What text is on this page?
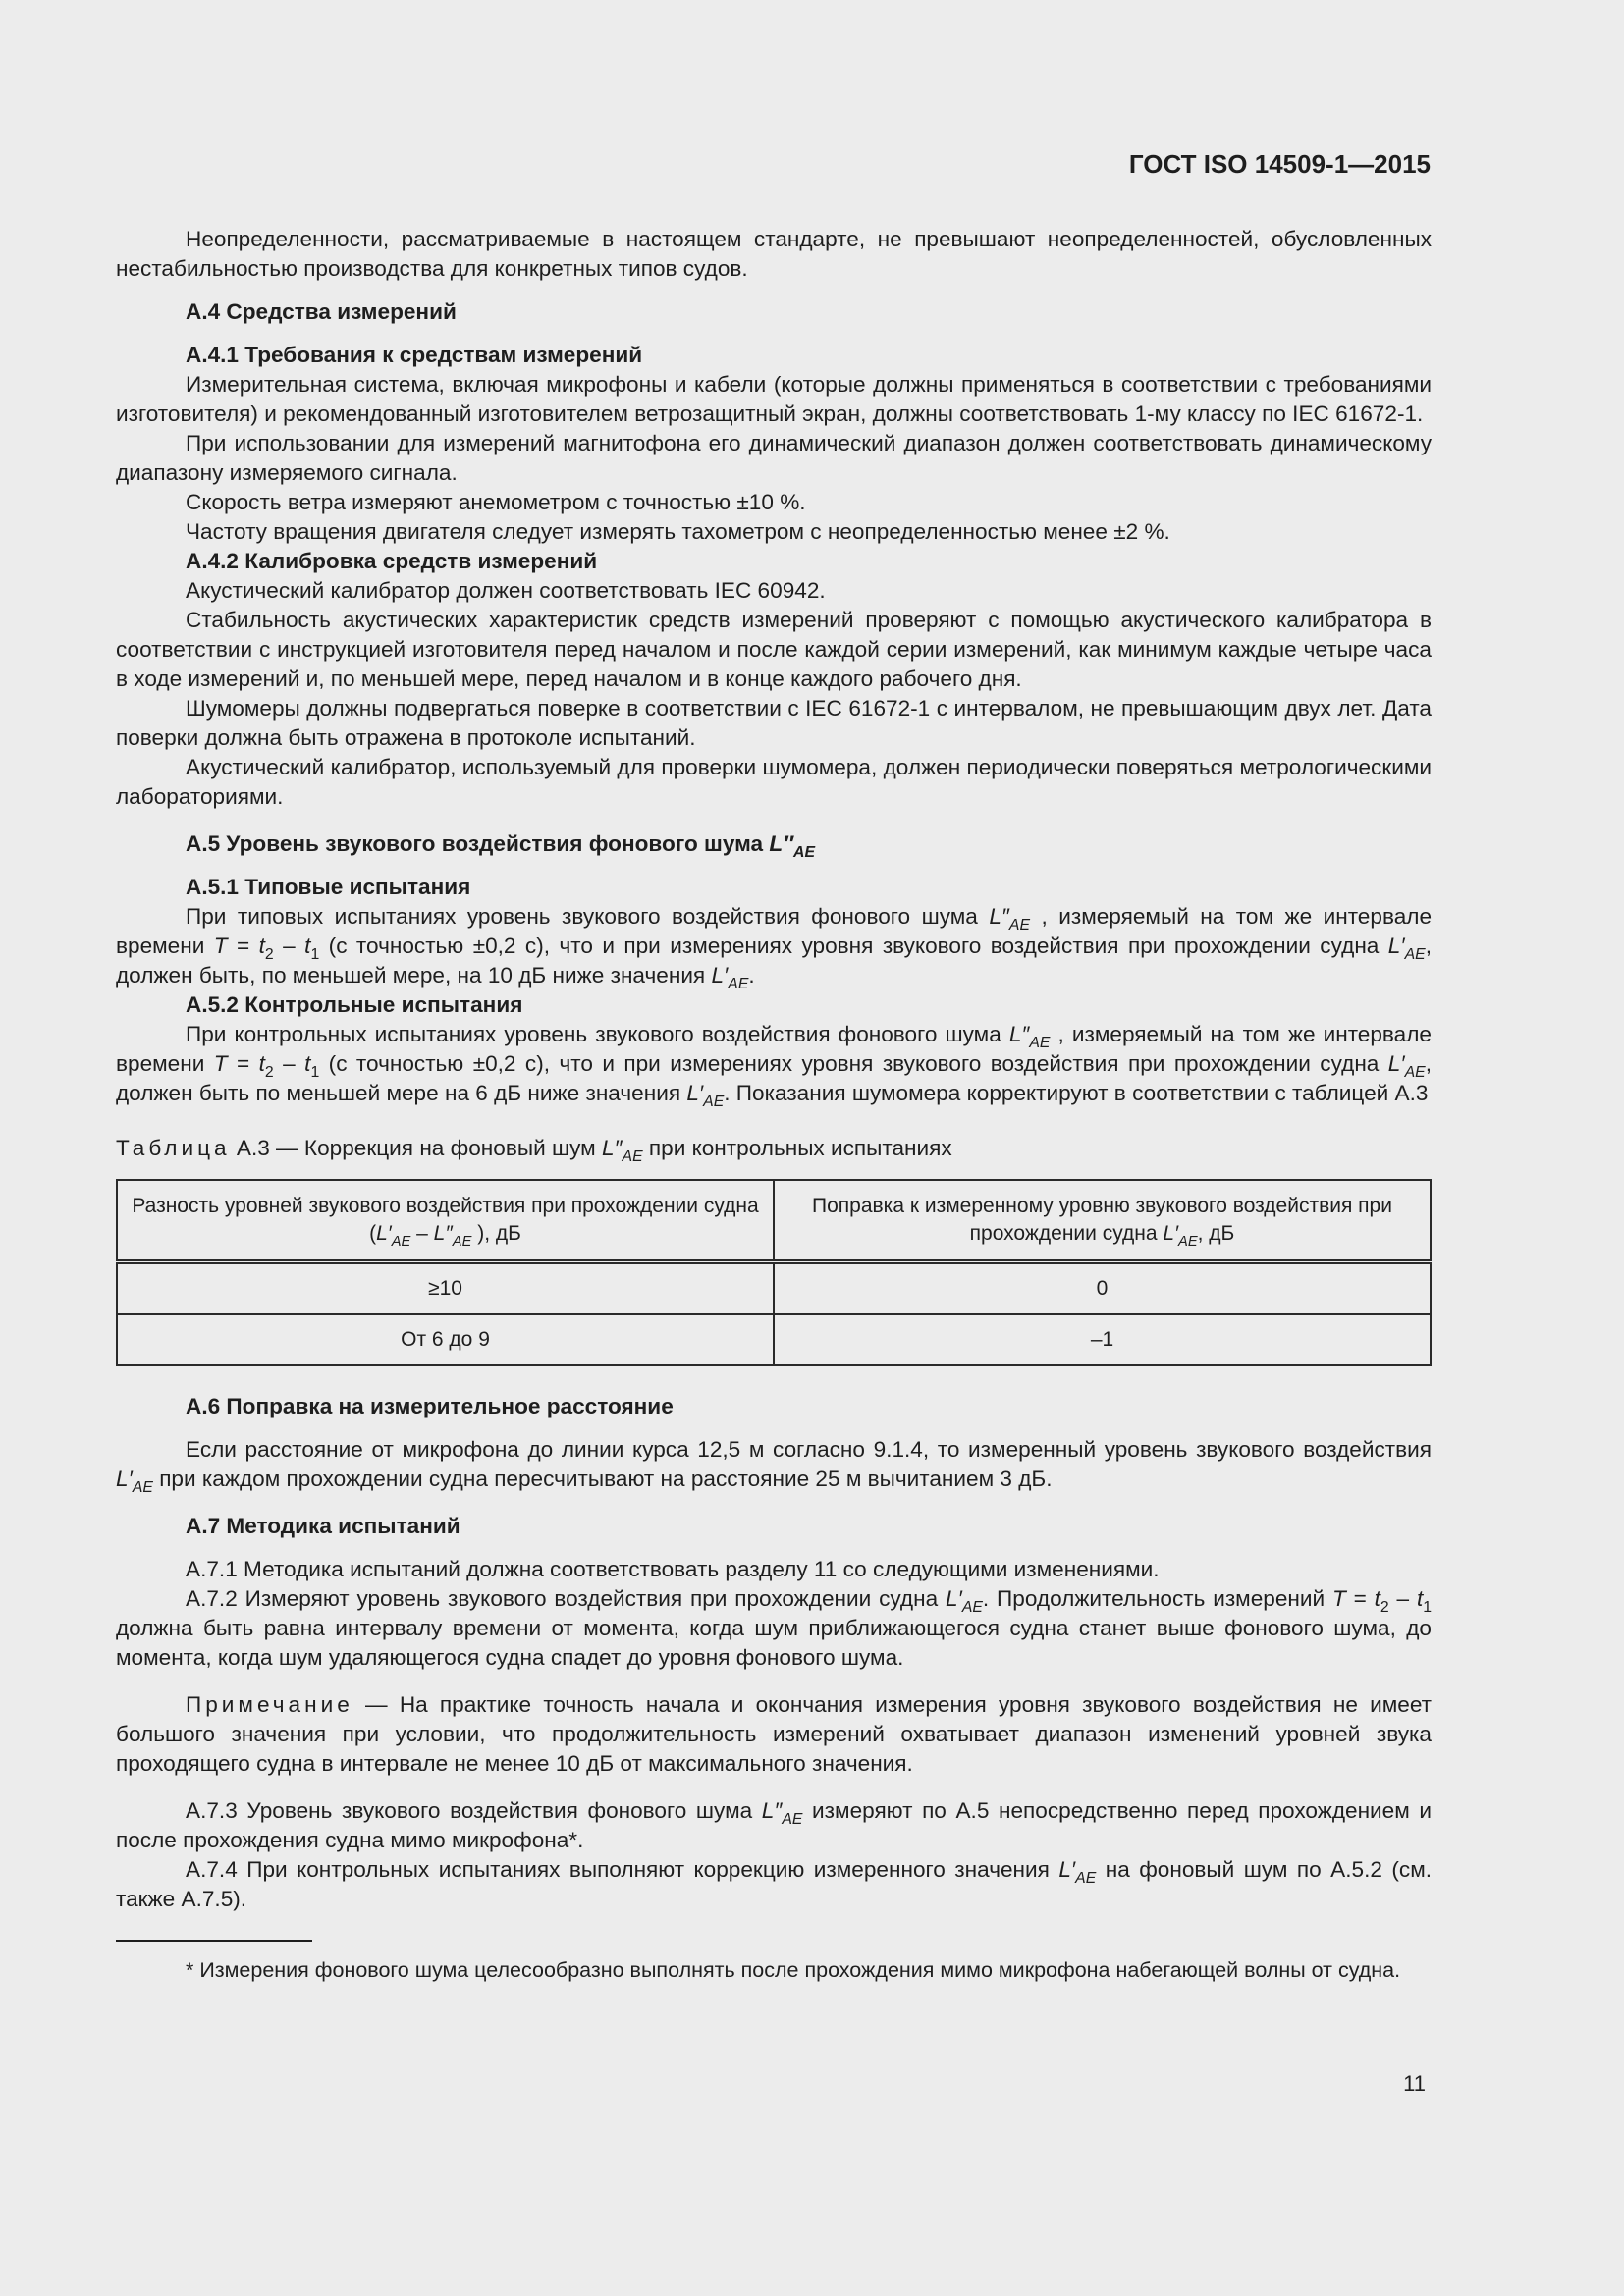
ГОСТ ISO 14509-1—2015

Неопределенности, рассматриваемые в настоящем стандарте, не превышают неопределенностей, обусловленных нестабильностью производства для конкретных типов судов.

А.4 Средства измерений

А.4.1 Требования к средствам измерений

Измерительная система, включая микрофоны и кабели (которые должны применяться в соответствии с требованиями изготовителя) и рекомендованный изготовителем ветрозащитный экран, должны соответствовать 1-му классу по IEC 61672-1.

При использовании для измерений магнитофона его динамический диапазон должен соответствовать динамическому диапазону измеряемого сигнала.

Скорость ветра измеряют анемометром с точностью ±10 %.

Частоту вращения двигателя следует измерять тахометром с неопределенностью менее ±2 %.

А.4.2 Калибровка средств измерений

Акустический калибратор должен соответствовать IEC 60942.

Стабильность акустических характеристик средств измерений проверяют с помощью акустического калибратора в соответствии с инструкцией изготовителя перед началом и после каждой серии измерений, как минимум каждые четыре часа в ходе измерений и, по меньшей мере, перед началом и в конце каждого рабочего дня.

Шумомеры должны подвергаться поверке в соответствии с IEC 61672-1 с интервалом, не превышающим двух лет. Дата поверки должна быть отражена в протоколе испытаний.

Акустический калибратор, используемый для проверки шумомера, должен периодически поверяться метрологическими лабораториями.

А.5 Уровень звукового воздействия фонового шума $L''_{AE}$

А.5.1 Типовые испытания

При типовых испытаниях уровень звукового воздействия фонового шума $L''_{AE}$ , измеряемый на том же интервале времени $T = t_2 - t_1$ (с точностью ±0,2 с), что и при измерениях уровня звукового воздействия при прохождении судна $L'_{AE}$, должен быть, по меньшей мере, на 10 дБ ниже значения $L'_{AE}$.

А.5.2 Контрольные испытания

При контрольных испытаниях уровень звукового воздействия фонового шума $L''_{AE}$ , измеряемый на том же интервале времени $T = t_2 - t_1$ (с точностью ±0,2 с), что и при измерениях уровня звукового воздействия при прохождении судна $L'_{AE}$, должен быть по меньшей мере на 6 дБ ниже значения $L'_{AE}$. Показания шумомера корректируют в соответствии с таблицей А.3

Таблица А.3 — Коррекция на фоновый шум $L''_{AE}$ при контрольных испытаниях

Разность уровней звукового воздействия при прохождении судна ($L'_{AE} - L''_{AE}$ ), дБ	Поправка к измеренному уровню звукового воздействия при прохождении судна $L'_{AE}$, дБ
≥10	0
От 6 до 9	–1

А.6 Поправка на измерительное расстояние

Если расстояние от микрофона до линии курса 12,5 м согласно 9.1.4, то измеренный уровень звукового воздействия $L'_{AE}$ при каждом прохождении судна пересчитывают на расстояние 25 м вычитанием 3 дБ.

А.7 Методика испытаний

А.7.1 Методика испытаний должна соответствовать разделу 11 со следующими изменениями.

А.7.2 Измеряют уровень звукового воздействия при прохождении судна $L'_{AE}$. Продолжительность измерений $T = t_2 - t_1$ должна быть равна интервалу времени от момента, когда шум приближающегося судна станет выше фонового шума, до момента, когда шум удаляющегося судна спадет до уровня фонового шума.

Примечание — На практике точность начала и окончания измерения уровня звукового воздействия не имеет большого значения при условии, что продолжительность измерений охватывает диапазон изменений уровней звука проходящего судна в интервале не менее 10 дБ от максимального значения.

А.7.3 Уровень звукового воздействия фонового шума $L''_{AE}$ измеряют по А.5 непосредственно перед прохождением и после прохождения судна мимо микрофона*.

А.7.4 При контрольных испытаниях выполняют коррекцию измеренного значения $L'_{AE}$ на фоновый шум по А.5.2 (см. также А.7.5).

* Измерения фонового шума целесообразно выполнять после прохождения мимо микрофона набегающей волны от судна.

11
